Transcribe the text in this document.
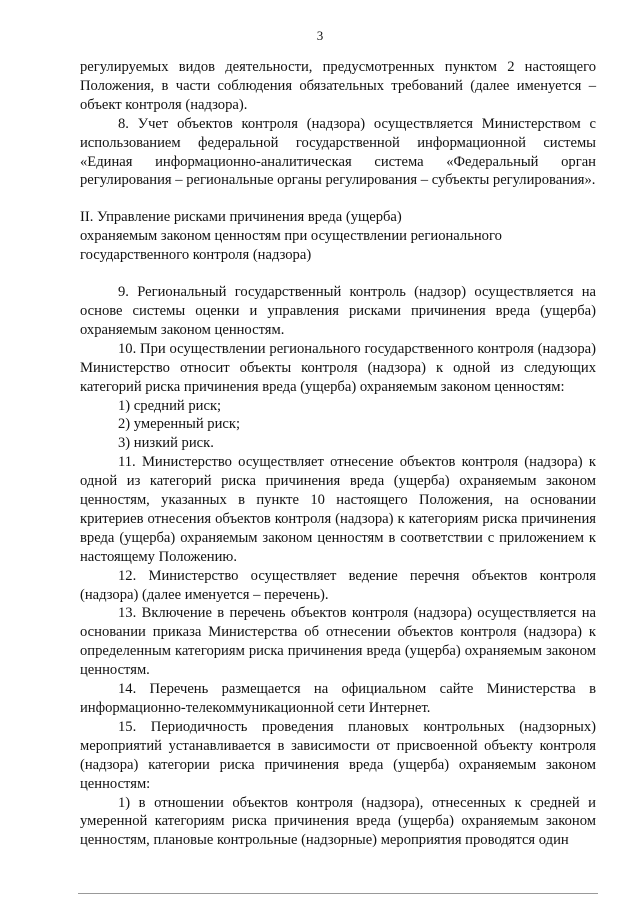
3

регулируемых видов деятельности, предусмотренных пунктом 2 настоящего Положения, в части соблюдения обязательных требований (далее именуется – объект контроля (надзора).

8. Учет объектов контроля (надзора) осуществляется Министерством с использованием федеральной государственной информационной системы «Единая информационно-аналитическая система «Федеральный орган регулирования – региональные органы регулирования – субъекты регулирования».

II. Управление рисками причинения вреда (ущерба)

охраняемым законом ценностям при осуществлении регионального

государственного контроля (надзора)

9. Региональный государственный контроль (надзор) осуществляется на основе системы оценки и управления рисками причинения вреда (ущерба) охраняемым законом ценностям.

10. При осуществлении регионального государственного контроля (надзора) Министерство относит объекты контроля (надзора) к одной из следующих категорий риска причинения вреда (ущерба) охраняемым законом ценностям:

1) средний риск;

2) умеренный риск;

3) низкий риск.

11. Министерство осуществляет отнесение объектов контроля (надзора) к одной из категорий риска причинения вреда (ущерба) охраняемым законом ценностям, указанных в пункте 10 настоящего Положения, на основании критериев отнесения объектов контроля (надзора) к категориям риска причинения вреда (ущерба) охраняемым законом ценностям в соответствии с приложением к настоящему Положению.

12. Министерство осуществляет ведение перечня объектов контроля (надзора) (далее именуется – перечень).

13. Включение в перечень объектов контроля (надзора) осуществляется на основании приказа Министерства об отнесении объектов контроля (надзора) к определенным категориям риска причинения вреда (ущерба) охраняемым законом ценностям.

14. Перечень размещается на официальном сайте Министерства в информационно-телекоммуникационной сети Интернет.

15. Периодичность проведения плановых контрольных (надзорных) мероприятий устанавливается в зависимости от присвоенной объекту контроля (надзора) категории риска причинения вреда (ущерба) охраняемым законом ценностям:

1) в отношении объектов контроля (надзора), отнесенных к средней и умеренной категориям риска причинения вреда (ущерба) охраняемым законом ценностям, плановые контрольные (надзорные) мероприятия проводятся один
